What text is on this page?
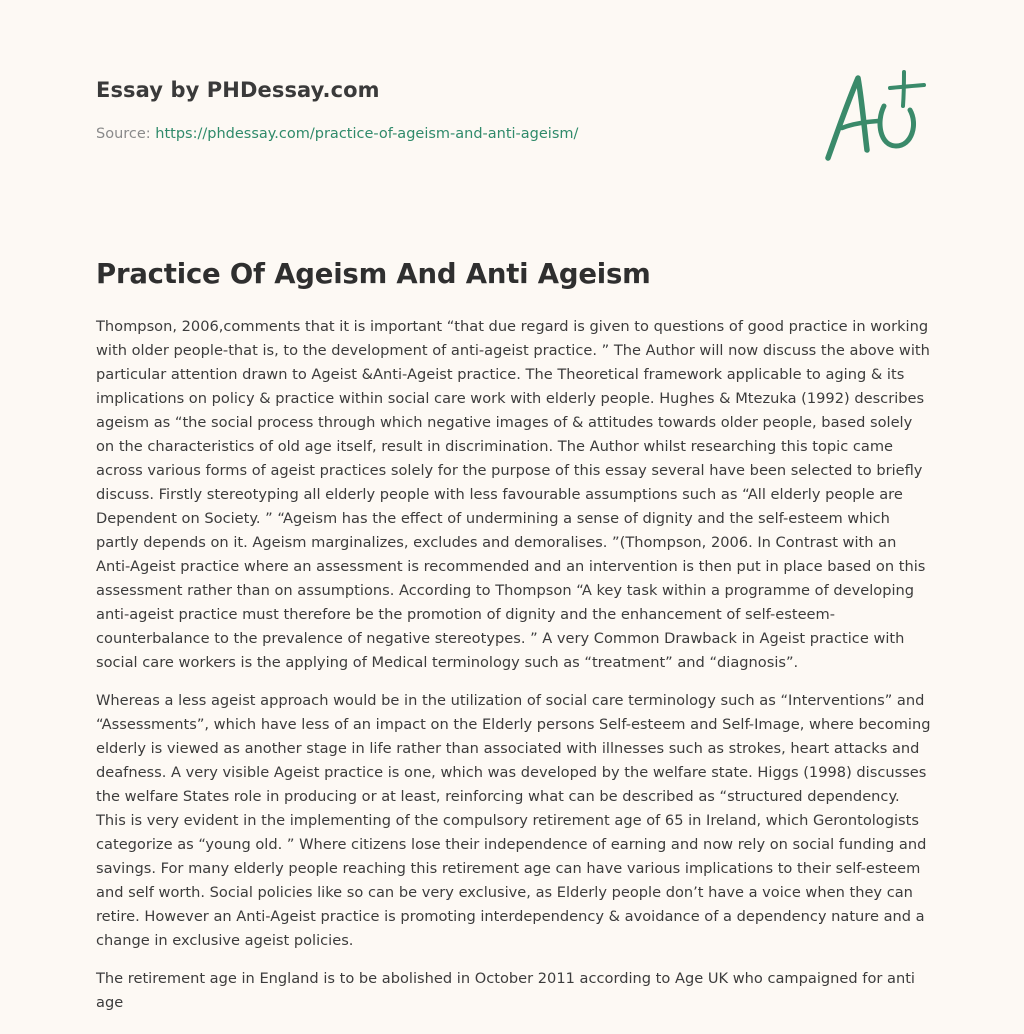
Essay by PHDessay.com
Source: https://phdessay.com/practice-of-ageism-and-anti-ageism/
Practice Of Ageism And Anti Ageism

Thompson, 2006,comments that it is important “that due regard is given to questions of good practice in working with older people-that is, to the development of anti-ageist practice. ” The Author will now discuss the above with particular attention drawn to Ageist &Anti-Ageist practice. The Theoretical framework applicable to aging & its implications on policy & practice within social care work with elderly people. Hughes & Mtezuka (1992) describes ageism as “the social process through which negative images of & attitudes towards older people, based solely on the characteristics of old age itself, result in discrimination. The Author whilst researching this topic came across various forms of ageist practices solely for the purpose of this essay several have been selected to briefly discuss. Firstly stereotyping all elderly people with less favourable assumptions such as “All elderly people are Dependent on Society. ” “Ageism has the effect of undermining a sense of dignity and the self-esteem which partly depends on it. Ageism marginalizes, excludes and demoralises. ”(Thompson, 2006. In Contrast with an Anti-Ageist practice where an assessment is recommended and an intervention is then put in place based on this assessment rather than on assumptions. According to Thompson “A key task within a programme of developing anti-ageist practice must therefore be the promotion of dignity and the enhancement of self-esteem-counterbalance to the prevalence of negative stereotypes. ” A very Common Drawback in Ageist practice with social care workers is the applying of Medical terminology such as “treatment” and “diagnosis”.

Whereas a less ageist approach would be in the utilization of social care terminology such as “Interventions” and “Assessments”, which have less of an impact on the Elderly persons Self-esteem and Self-Image, where becoming elderly is viewed as another stage in life rather than associated with illnesses such as strokes, heart attacks and deafness. A very visible Ageist practice is one, which was developed by the welfare state. Higgs (1998) discusses the welfare States role in producing or at least, reinforcing what can be described as “structured dependency. This is very evident in the implementing of the compulsory retirement age of 65 in Ireland, which Gerontologists categorize as “young old. ” Where citizens lose their independence of earning and now rely on social funding and savings. For many elderly people reaching this retirement age can have various implications to their self-esteem and self worth. Social policies like so can be very exclusive, as Elderly people don’t have a voice when they can retire. However an Anti-Ageist practice is promoting interdependency & avoidance of a dependency nature and a change in exclusive ageist policies.

The retirement age in England is to be abolished in October 2011 according to Age UK who campaigned for anti age
